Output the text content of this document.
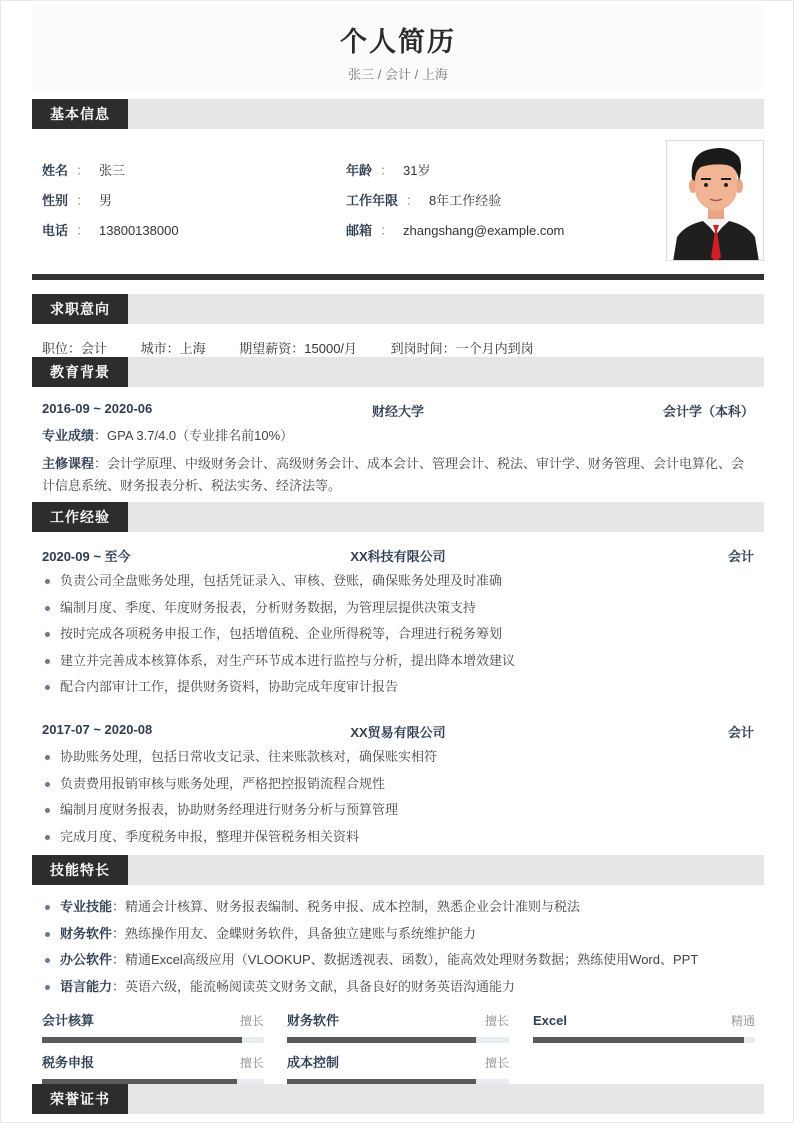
个人简历
张三 / 会计 / 上海
基本信息
姓名 ： 张三
性别 ： 男
电话 ： 13800138000
年龄 ： 31岁
工作年限 ： 8年工作经验
邮箱 ： zhangshang@example.com
求职意向
职位：会计	城市：上海	期望薪资：15000/月	到岗时间：一个月内到岗
教育背景
2016-09 ~ 2020-06	财经大学	会计学（本科）
专业成绩：GPA 3.7/4.0（专业排名前10%）
主修课程：会计学原理、中级财务会计、高级财务会计、成本会计、管理会计、税法、审计学、财务管理、会计电算化、会计信息系统、财务报表分析、税法实务、经济法等。
工作经验
2020-09 ~ 至今	XX科技有限公司	会计
负责公司全盘账务处理，包括凭证录入、审核、登账，确保账务处理及时准确
编制月度、季度、年度财务报表，分析财务数据，为管理层提供决策支持
按时完成各项税务申报工作，包括增值税、企业所得税等，合理进行税务筹划
建立并完善成本核算体系，对生产环节成本进行监控与分析，提出降本增效建议
配合内部审计工作，提供财务资料，协助完成年度审计报告
2017-07 ~ 2020-08	XX贸易有限公司	会计
协助账务处理，包括日常收支记录、往来账款核对，确保账实相符
负责费用报销审核与账务处理，严格把控报销流程合规性
编制月度财务报表，协助财务经理进行财务分析与预算管理
完成月度、季度税务申报，整理并保管税务相关资料
技能特长
专业技能：精通会计核算、财务报表编制、税务申报、成本控制，熟悉企业会计准则与税法
财务软件：熟练操作用友、金蝶财务软件，具备独立建账与系统维护能力
办公软件：精通Excel高级应用（VLOOKUP、数据透视表、函数），能高效处理财务数据；熟练使用Word、PPT
语言能力：英语六级，能流畅阅读英文财务文献，具备良好的财务英语沟通能力
会计核算	擅长 财务软件	擅长 Excel	精通
税务申报	擅长 成本控制	擅长
荣誉证书
